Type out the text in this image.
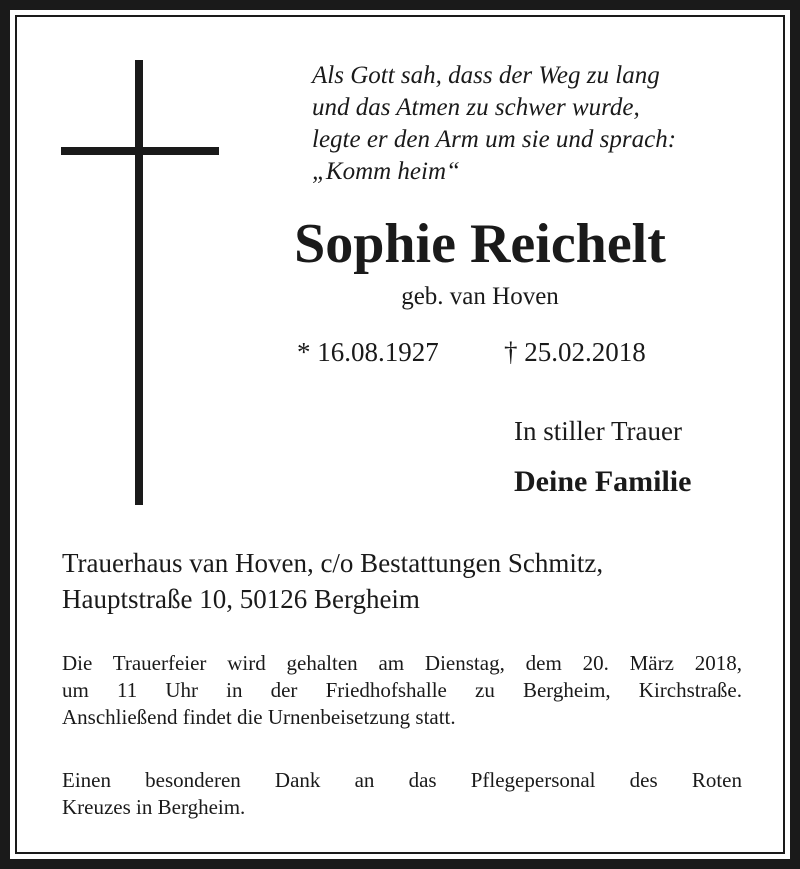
Als Gott sah, dass der Weg zu lang
und das Atmen zu schwer wurde,
legte er den Arm um sie und sprach:
„Komm heim“
Sophie Reichelt
geb. van Hoven
* 16.08.1927 † 25.02.2018
In stiller Trauer
Deine Familie
Trauerhaus van Hoven, c/o Bestattungen Schmitz,
Hauptstraße 10, 50126 Bergheim
Die Trauerfeier wird gehalten am Dienstag, dem 20. März 2018,
um 11 Uhr in der Friedhofshalle zu Bergheim, Kirchstraße.
Anschließend findet die Urnenbeisetzung statt.
Einen besonderen Dank an das Pflegepersonal des Roten
Kreuzes in Bergheim.
